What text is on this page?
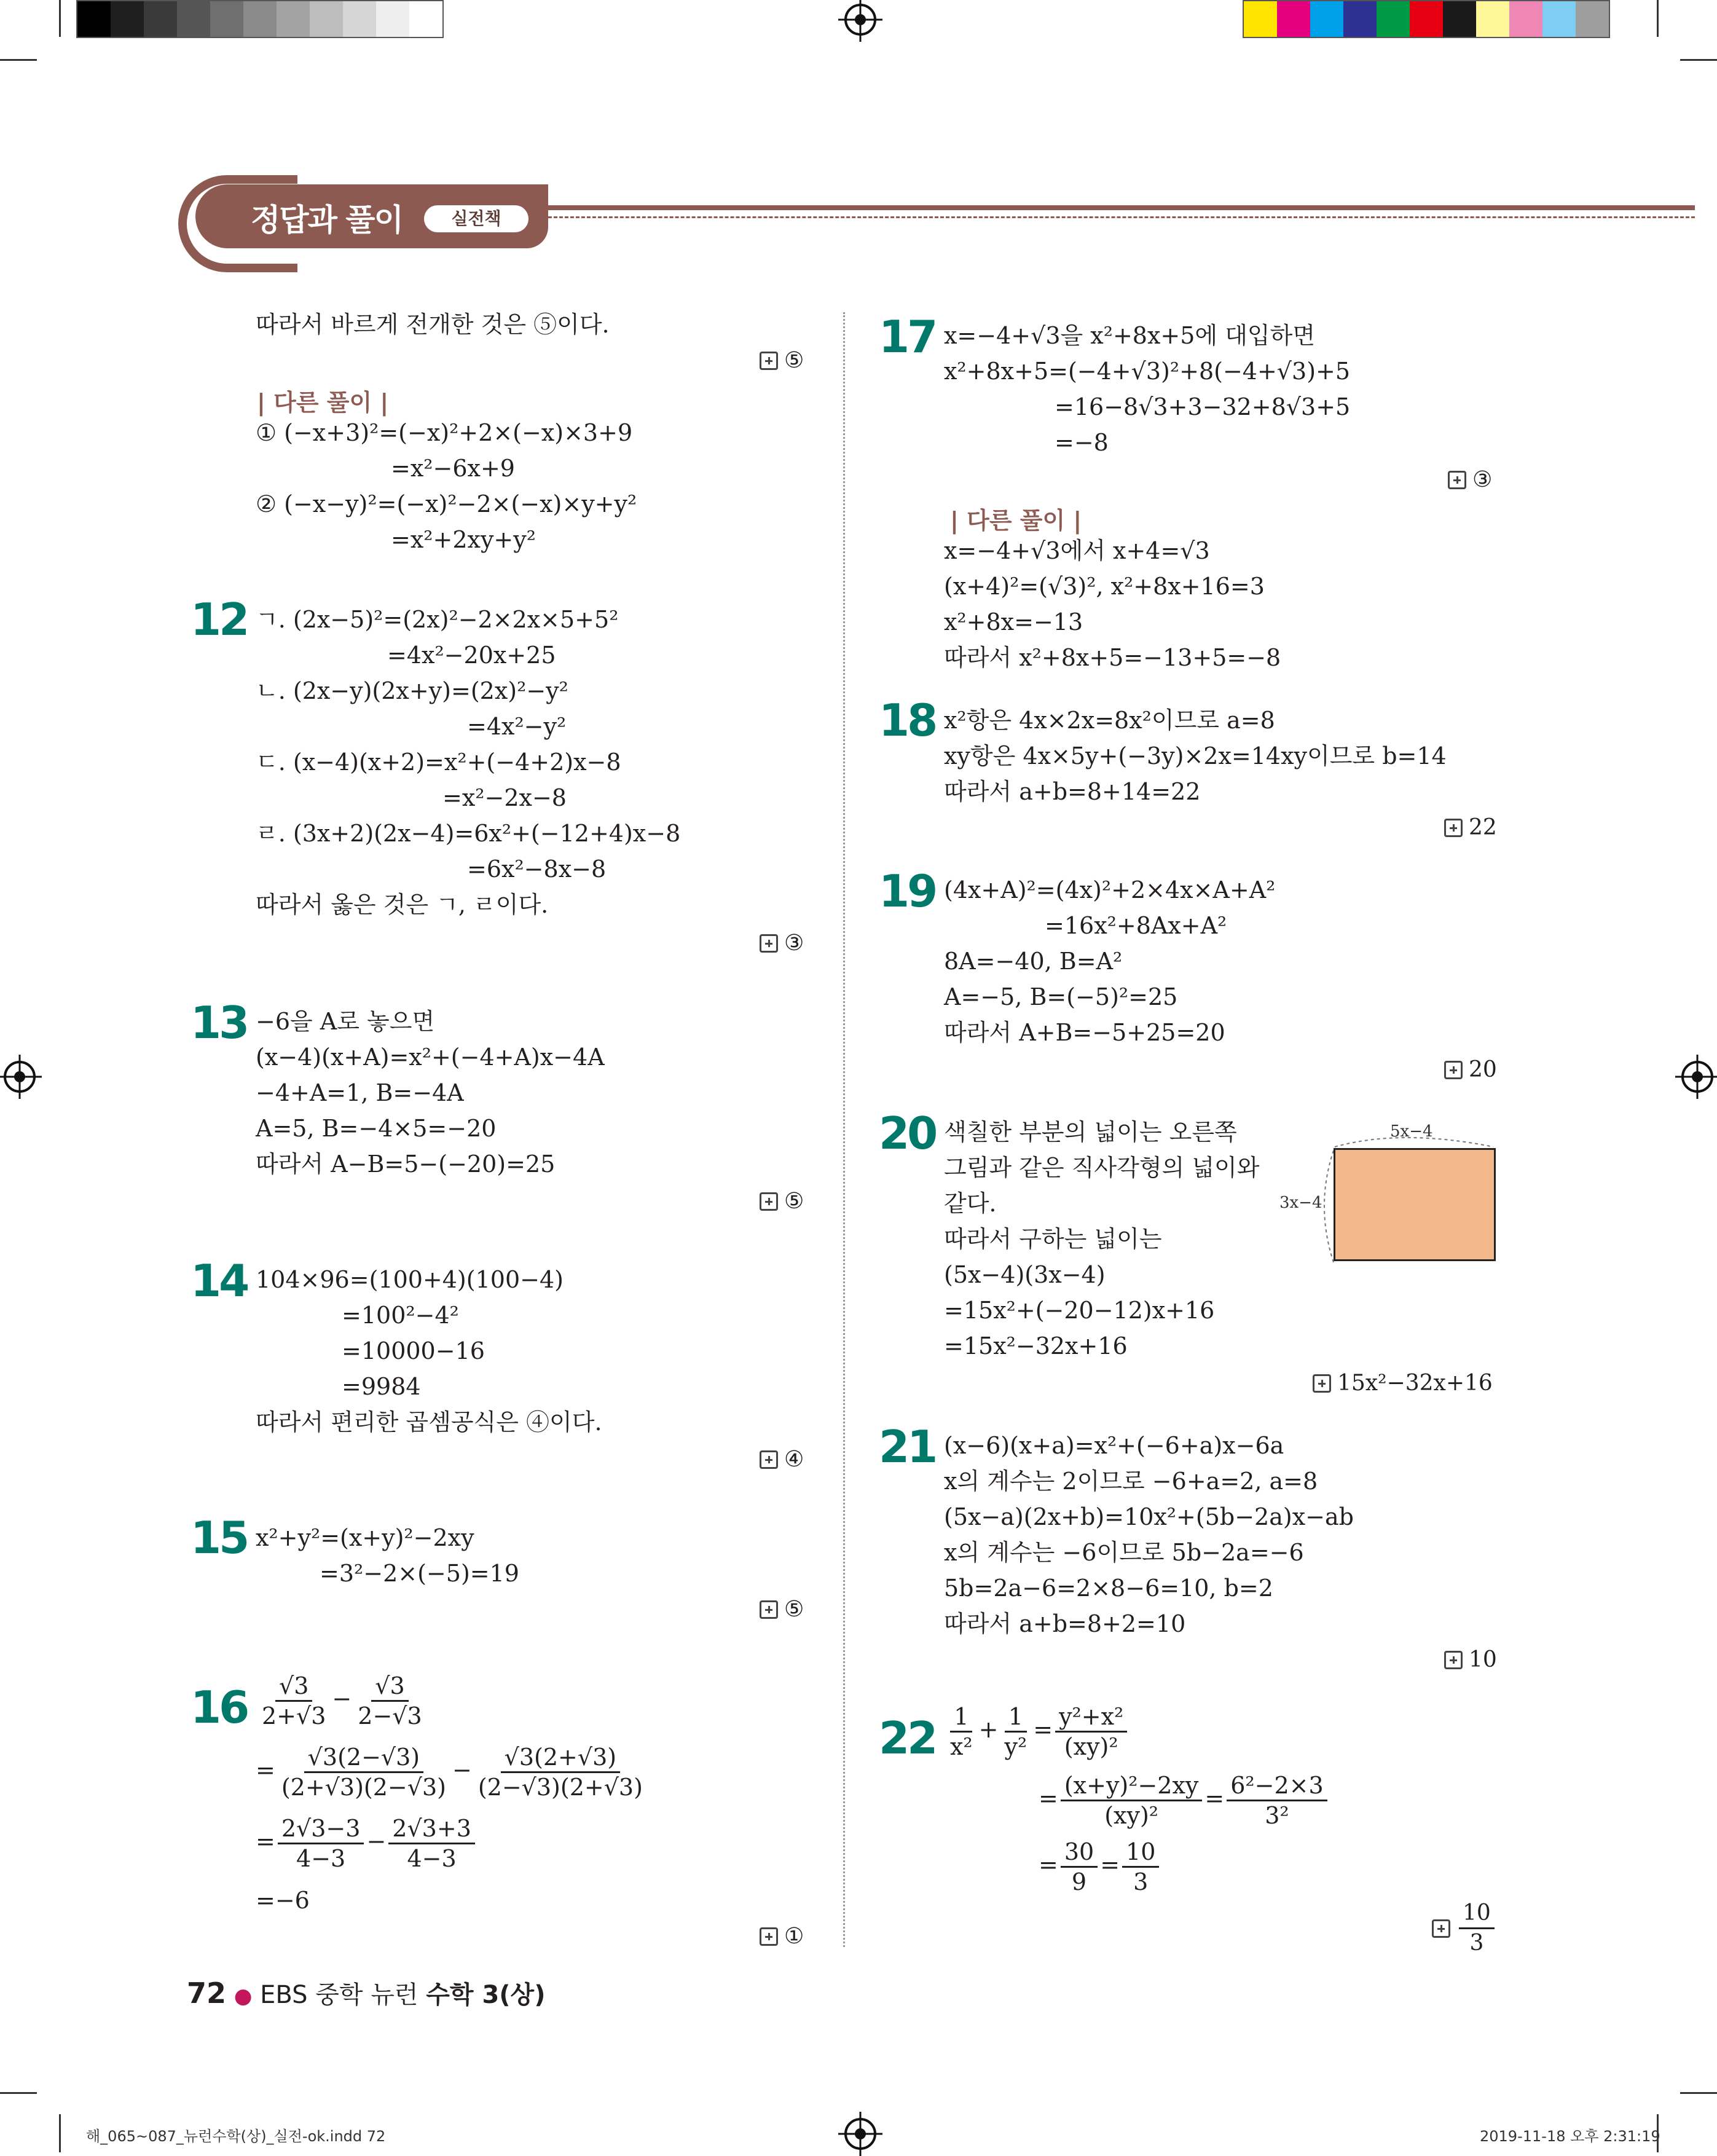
정답과 풀이	실전책
따라서 바르게 전개한 것은 ⑤이다.
⑤
| 다른 풀이 |
① (−x+3)²=(−x)²+2×(−x)×3+9
=x²−6x+9
② (−x−y)²=(−x)²−2×(−x)×y+y²
=x²+2xy+y²
12 ㄱ. (2x−5)²=(2x)²−2×2x×5+5²
=4x²−20x+25
ㄴ. (2x−y)(2x+y)=(2x)²−y²
=4x²−y²
ㄷ. (x−4)(x+2)=x²+(−4+2)x−8
=x²−2x−8
ㄹ. (3x+2)(2x−4)=6x²+(−12+4)x−8
=6x²−8x−8
따라서 옳은 것은 ㄱ, ㄹ이다.
③
13 −6을 A로 놓으면
(x−4)(x+A)=x²+(−4+A)x−4A
−4+A=1, B=−4A
A=5, B=−4×5=−20
따라서 A−B=5−(−20)=25
⑤
14 104×96=(100+4)(100−4)
=100²−4²
=10000−16
=9984
따라서 편리한 곱셈공식은 ④이다.
④
15 x²+y²=(x+y)²−2xy
=3²−2×(−5)=19
⑤
$16 \frac{√3}{2+√3} - \frac{√3}{2-√3}$
= $\frac{√3(2-√3)}{(2+√3)(2-√3)} - \frac{√3(2+√3)}{(2-√3)(2+√3)}$
= $\frac{2√3-3}{4-3} - \frac{2√3+3}{4-3}$
=−6
①
17 x=−4+√3을 x²+8x+5에 대입하면
x²+8x+5=(−4+√3)²+8(−4+√3)+5
=16−8√3+3−32+8√3+5
=−8
③
| 다른 풀이 |
x=−4+√3에서 x+4=√3
(x+4)²=(√3)², x²+8x+16=3
x²+8x=−13
따라서 x²+8x+5=−13+5=−8
18 x²항은 4x×2x=8x²이므로 a=8
xy항은 4x×5y+(−3y)×2x=14xy이므로 b=14
따라서 a+b=8+14=22
22
19 (4x+A)²=(4x)²+2×4x×A+A²
=16x²+8Ax+A²
8A=−40, B=A²
A=−5, B=(−5)²=25
따라서 A+B=−5+25=20
20
20 색칠한 부분의 넓이는 오른쪽
그림과 같은 직사각형의 넓이와
같다.
따라서 구하는 넓이는
(5x−4)(3x−4)
=15x²+(−20−12)x+16
=15x²−32x+16
15x²−32x+16
5x−4
3x−4
21 (x−6)(x+a)=x²+(−6+a)x−6a
x의 계수는 2이므로 −6+a=2, a=8
(5x−a)(2x+b)=10x²+(5b−2a)x−ab
x의 계수는 −6이므로 5b−2a=−6
5b=2a−6=2×8−6=10, b=2
따라서 a+b=8+2=10
10
$22 \frac{1}{\text{x²}} + \frac{1}{\text{y²}} = \frac{\text{y²+x²}}{\text{(xy)²}}$
= $\frac{\text{(x+y)²−2xy}}{\text{(xy)²}} = \frac{\text{6²−2×3}}{\text{3²}}$
= $\frac{30}{9} = \frac{10}{3}$
$\frac{10}{3}$
72 ● EBS 중학 뉴런 수학 3(상)
해_065~087_뉴런수학(상)_실전-ok.indd 72	2019-11-18 오후 2:31:19
